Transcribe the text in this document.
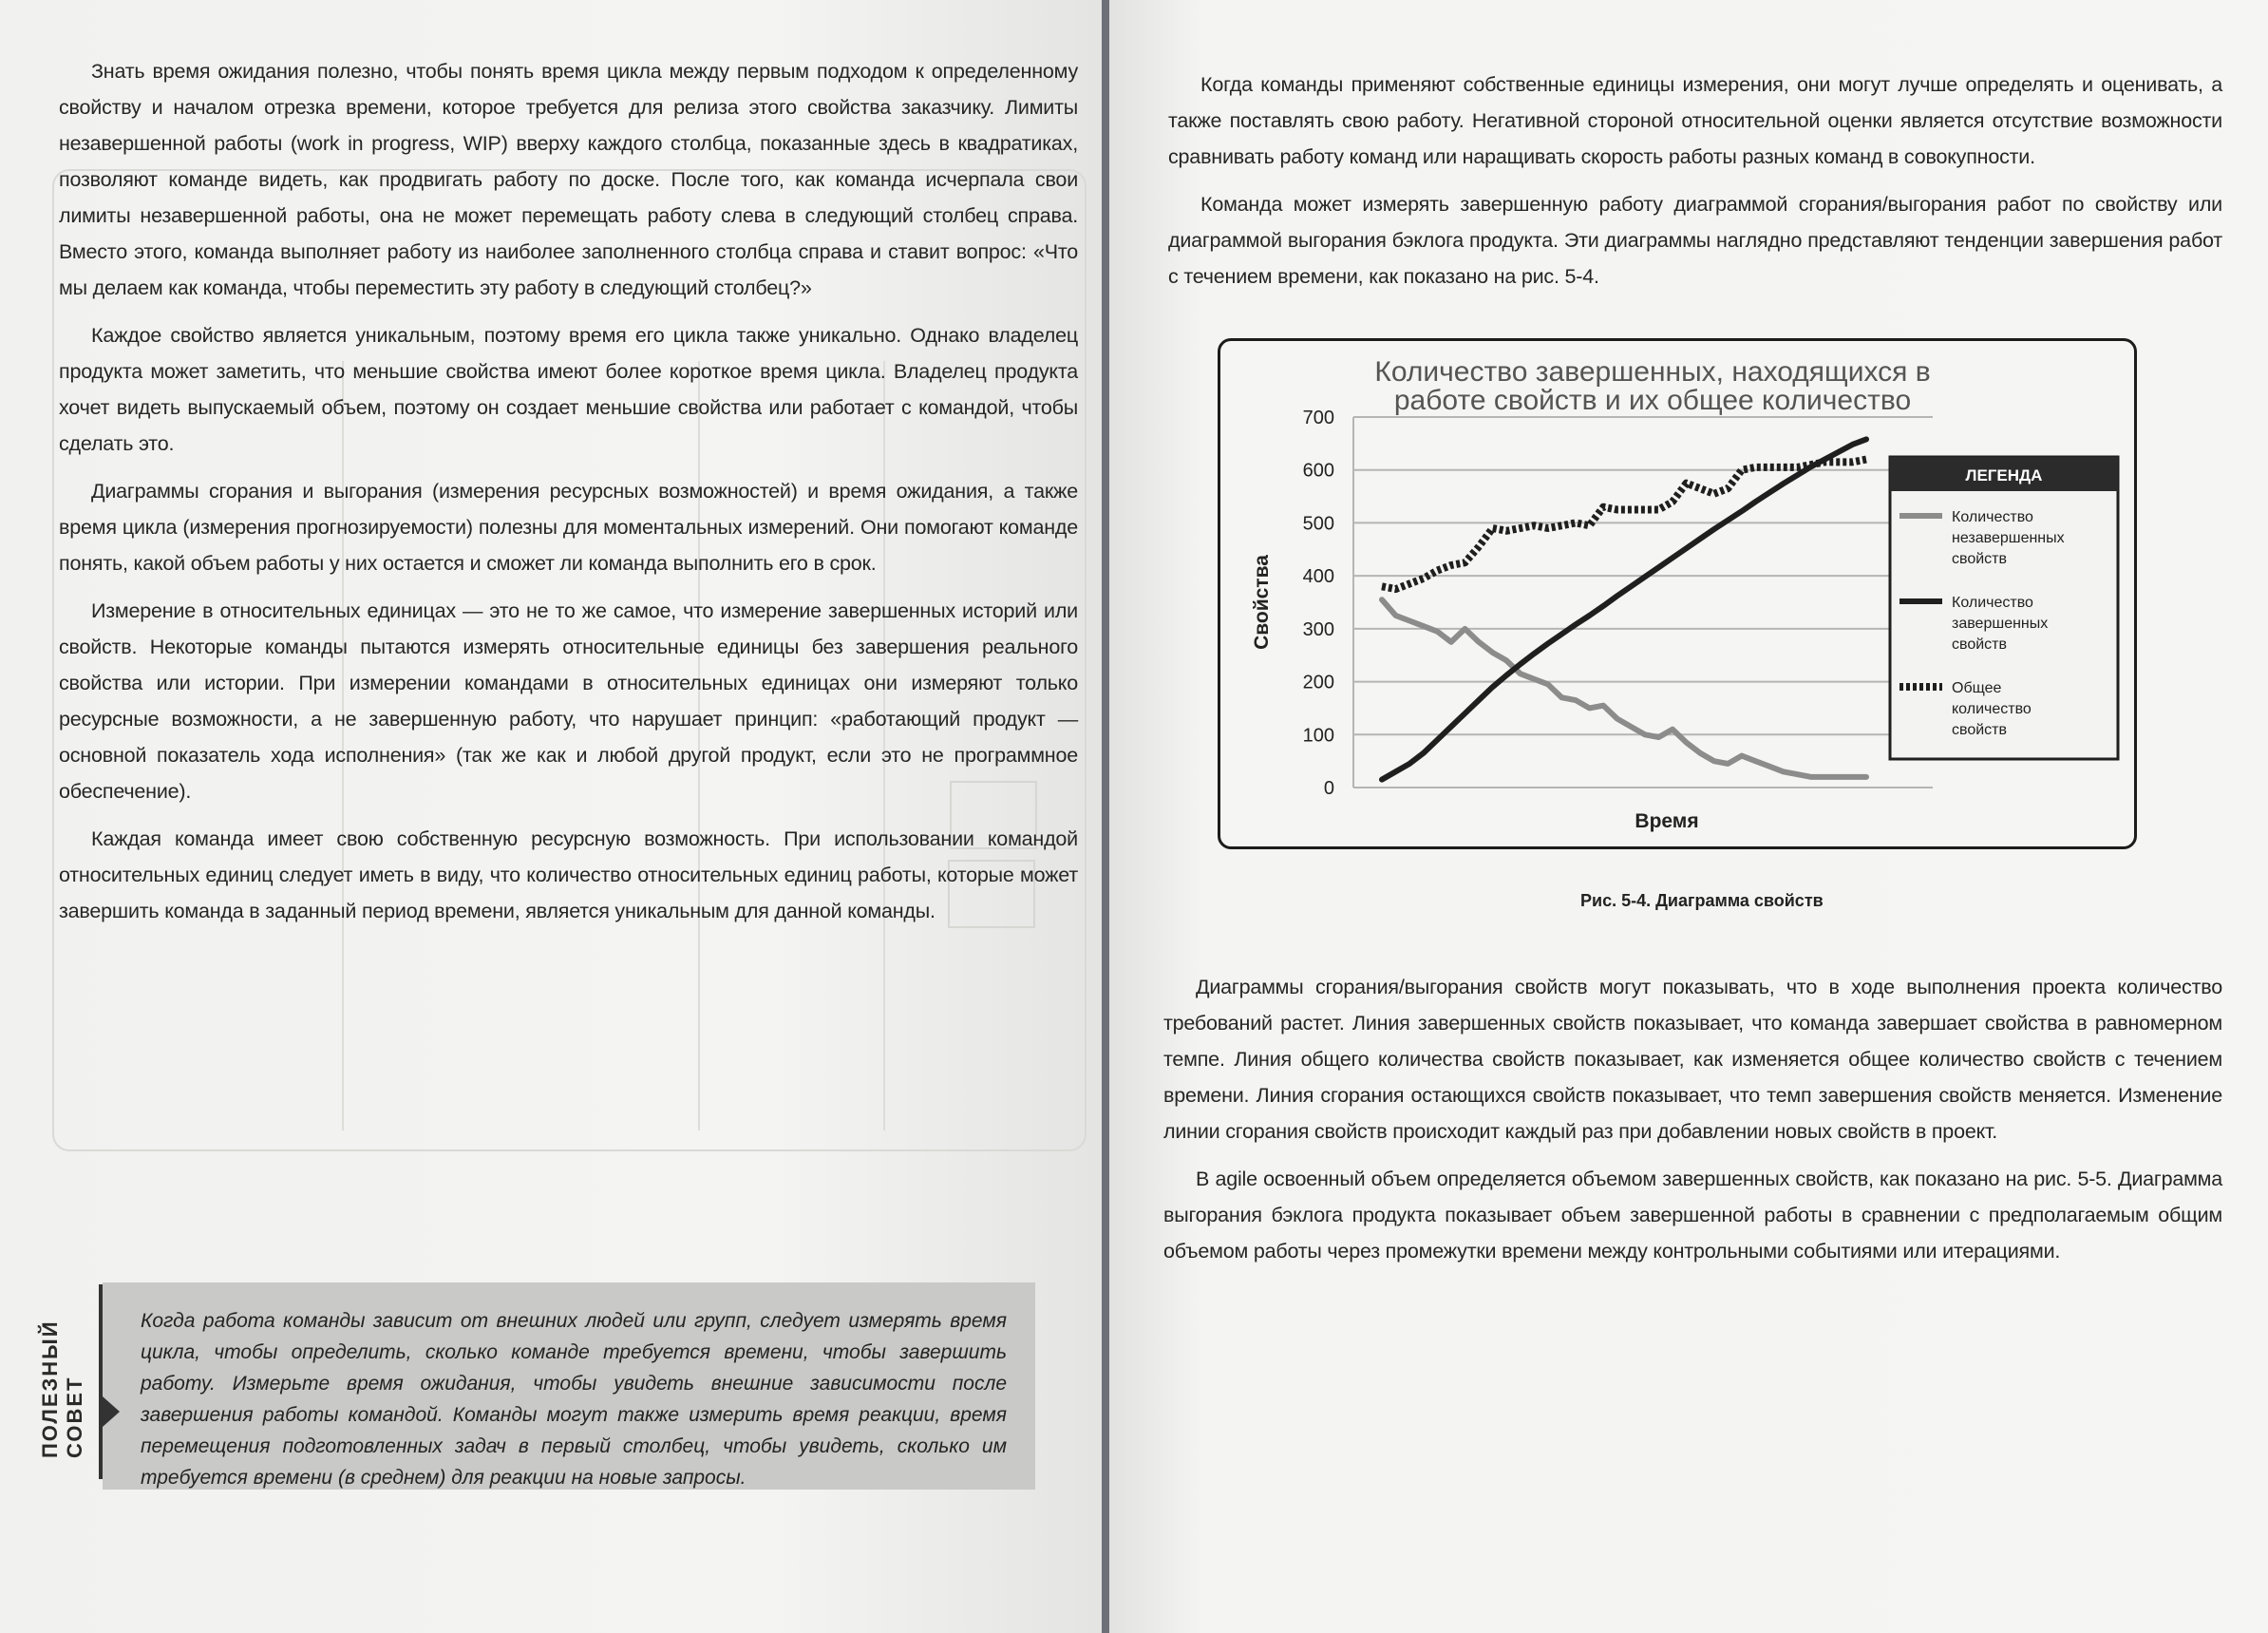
Знать время ожидания полезно, чтобы понять время цикла между первым подходом к определенному свойству и началом отрезка времени, которое требуется для релиза этого свойства заказчику. Лимиты незавершенной работы (work in progress, WIP) вверху каждого столбца, показанные здесь в квадратиках, позволяют команде видеть, как продвигать работу по доске. После того, как команда исчерпала свои лимиты незавершенной работы, она не может перемещать работу слева в следующий столбец справа. Вместо этого, команда выполняет работу из наиболее заполненного столбца справа и ставит вопрос: «Что мы делаем как команда, чтобы переместить эту работу в следующий столбец?»

Каждое свойство является уникальным, поэтому время его цикла также уникально. Однако владелец продукта может заметить, что меньшие свойства имеют более короткое время цикла. Владелец продукта хочет видеть выпускаемый объем, поэтому он создает меньшие свойства или работает с командой, чтобы сделать это.

Диаграммы сгорания и выгорания (измерения ресурсных возможностей) и время ожидания, а также время цикла (измерения прогнозируемости) полезны для моментальных измерений. Они помогают команде понять, какой объем работы у них остается и сможет ли команда выполнить его в срок.

Измерение в относительных единицах — это не то же самое, что измерение завершенных историй или свойств. Некоторые команды пытаются измерять относительные единицы без завершения реального свойства или истории. При измерении командами в относительных единицах они измеряют только ресурсные возможности, а не завершенную работу, что нарушает принцип: «работающий продукт — основной показатель хода исполнения» (так же как и любой другой продукт, если это не программное обеспечение).

Каждая команда имеет свою собственную ресурсную возможность. При использовании командой относительных единиц следует иметь в виду, что количество относительных единиц работы, которые может завершить команда в заданный период времени, является уникальным для данной команды.

ПОЛЕЗНЫЙ СОВЕТ
Когда работа команды зависит от внешних людей или групп, следует измерять время цикла, чтобы определить, сколько команде требуется времени, чтобы завершить работу. Измерьте время ожидания, чтобы увидеть внешние зависимости после завершения работы командой. Команды могут также измерить время реакции, время перемещения подготовленных задач в первый столбец, чтобы увидеть, сколько им требуется времени (в среднем) для реакции на новые запросы.

Когда команды применяют собственные единицы измерения, они могут лучше определять и оценивать, а также поставлять свою работу. Негативной стороной относительной оценки является отсутствие возможности сравнивать работу команд или наращивать скорость работы разных команд в совокупности.

Команда может измерять завершенную работу диаграммой сгорания/выгорания работ по свойству или диаграммой выгорания бэклога продукта. Эти диаграммы наглядно представляют тенденции завершения работ с течением времени, как показано на рис. 5-4.

Диаграммы сгорания/выгорания свойств могут показывать, что в ходе выполнения проекта количество требований растет. Линия завершенных свойств показывает, что команда завершает свойства в равномерном темпе. Линия общего количества свойств показывает, как изменяется общее количество свойств с течением времени. Линия сгорания остающихся свойств показывает, что темп завершения свойств меняется. Изменение линии сгорания свойств происходит каждый раз при добавлении новых свойств в проект.

В agile освоенный объем определяется объемом завершенных свойств, как показано на рис. 5-5. Диаграмма выгорания бэклога продукта показывает объем завершенной работы в сравнении с предполагаемым общим объемом работы через промежутки времени между контрольными событиями или итерациями.

Количество завершенных, находящихся в
работе свойств и их общее количество
0
100
200
300
400
500
600
700
Свойства
Время
ЛЕГЕНДА
Количество
незавершенных
свойств
Количество
завершенных
свойств
Общее
количество
свойств
Рис. 5-4. Диаграмма свойств
